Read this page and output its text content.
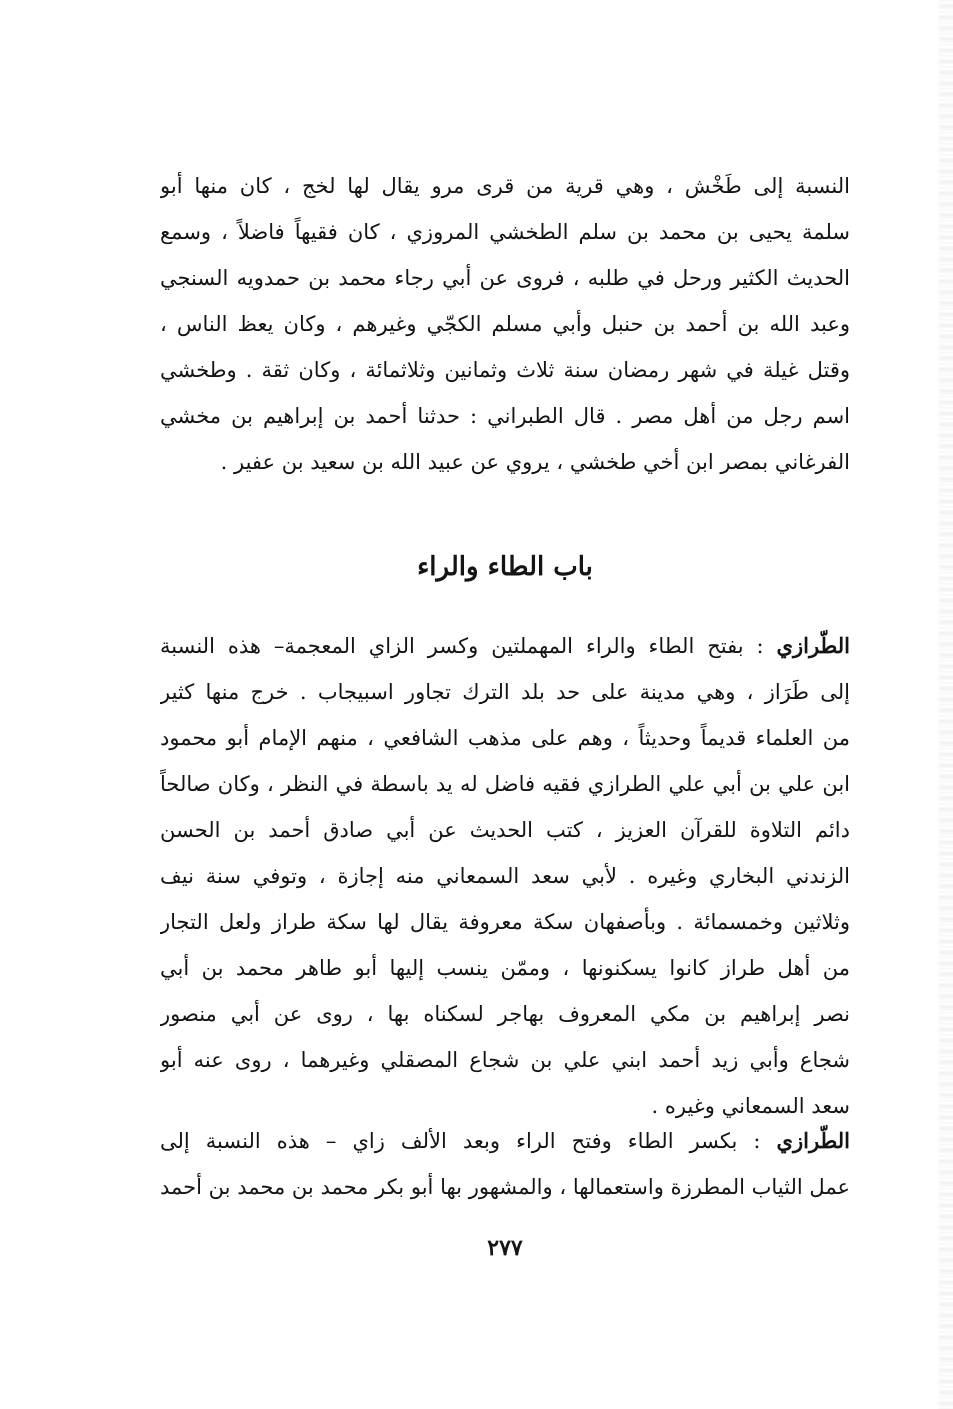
النسبة إلى طَخْش ، وهي قرية من قرى مرو يقال لها لخج ، كان منها أبو
سلمة يحيى بن محمد بن سلم الطخشي المروزي ، كان فقيهاً فاضلاً ، وسمع
الحديث الكثير ورحل في طلبه ، فروى عن أبي رجاء محمد بن حمدويه السنجي
وعبد الله بن أحمد بن حنبل وأبي مسلم الكجّي وغيرهم ، وكان يعظ الناس ،
وقتل غيلة في شهر رمضان سنة ثلاث وثمانين وثلاثمائة ، وكان ثقة . وطخشي
اسم رجل من أهل مصر . قال الطبراني : حدثنا أحمد بن إبراهيم بن مخشي
الفرغاني بمصر ابن أخي طخشي ، يروي عن عبيد الله بن سعيد بن عفير .
باب الطاء والراء
الطّرازي : بفتح الطاء والراء المهملتين وكسر الزاي المعجمة– هذه النسبة
إلى طَرَاز ، وهي مدينة على حد بلد الترك تجاور اسبيجاب . خرج منها كثير
من العلماء قديماً وحديثاً ، وهم على مذهب الشافعي ، منهم الإمام أبو محمود
ابن علي بن أبي علي الطرازي فقيه فاضل له يد باسطة في النظر ، وكان صالحاً
دائم التلاوة للقرآن العزيز ، كتب الحديث عن أبي صادق أحمد بن الحسن
الزندني البخاري وغيره . لأبي سعد السمعاني منه إجازة ، وتوفي سنة نيف
وثلاثين وخمسمائة . وبأصفهان سكة معروفة يقال لها سكة طراز ولعل التجار
من أهل طراز كانوا يسكنونها ، وممّن ينسب إليها أبو طاهر محمد بن أبي
نصر إبراهيم بن مكي المعروف بهاجر لسكناه بها ، روى عن أبي منصور
شجاع وأبي زيد أحمد ابني علي بن شجاع المصقلي وغيرهما ، روى عنه أبو
سعد السمعاني وغيره .
الطّرازي : بكسر الطاء وفتح الراء وبعد الألف زاي – هذه النسبة إلى
عمل الثياب المطرزة واستعمالها ، والمشهور بها أبو بكر محمد بن محمد بن أحمد
٢٧٧
